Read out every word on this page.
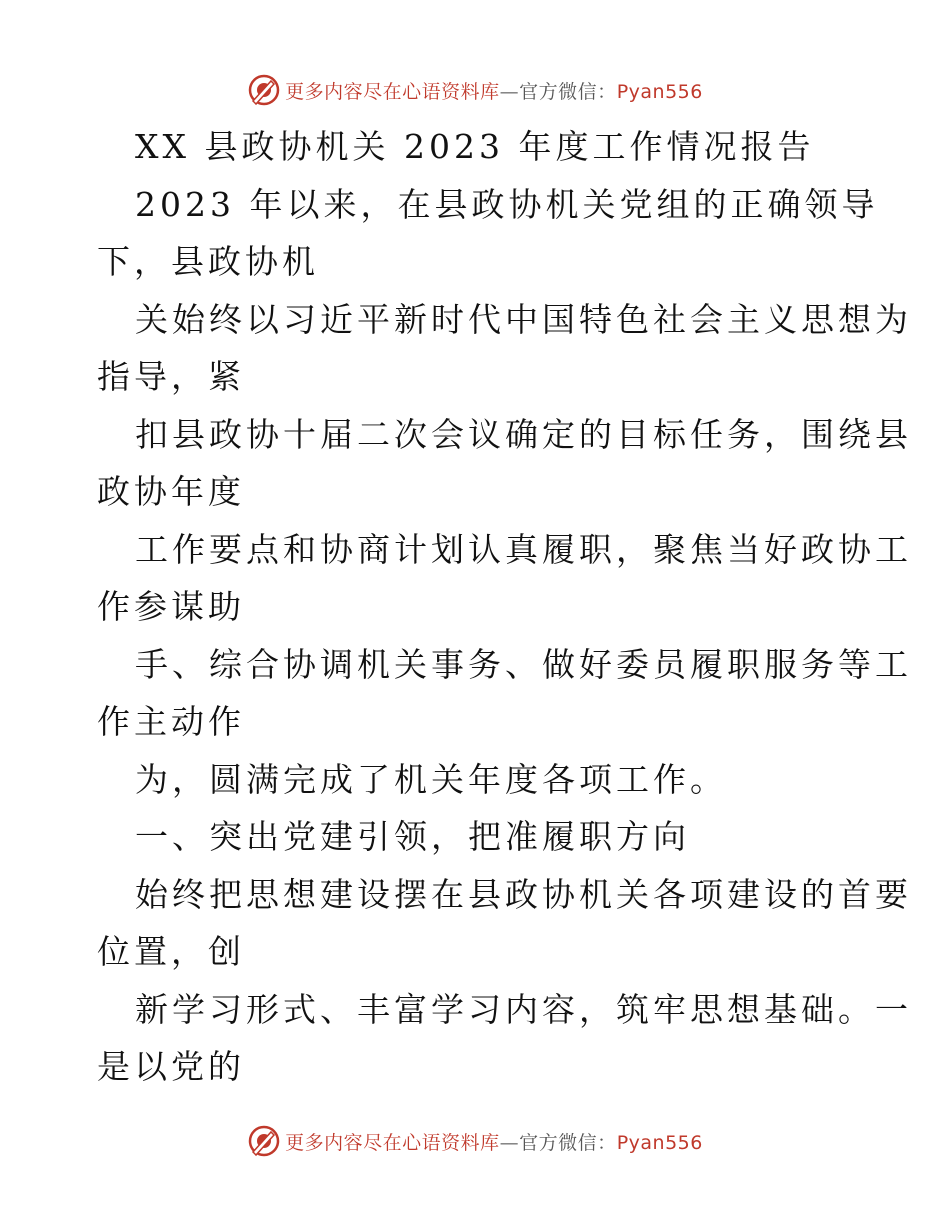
更多内容尽在心语资料库—官方微信：Pyan556
XX 县政协机关 2023 年度工作情况报告
2023 年以来，在县政协机关党组的正确领导
下，县政协机
关始终以习近平新时代中国特色社会主义思想为
指导，紧
扣县政协十届二次会议确定的目标任务，围绕县
政协年度
工作要点和协商计划认真履职，聚焦当好政协工
作参谋助
手、综合协调机关事务、做好委员履职服务等工
作主动作
为，圆满完成了机关年度各项工作。
一、突出党建引领，把准履职方向
始终把思想建设摆在县政协机关各项建设的首要
位置，创
新学习形式、丰富学习内容，筑牢思想基础。一
是以党的
更多内容尽在心语资料库—官方微信：Pyan556
